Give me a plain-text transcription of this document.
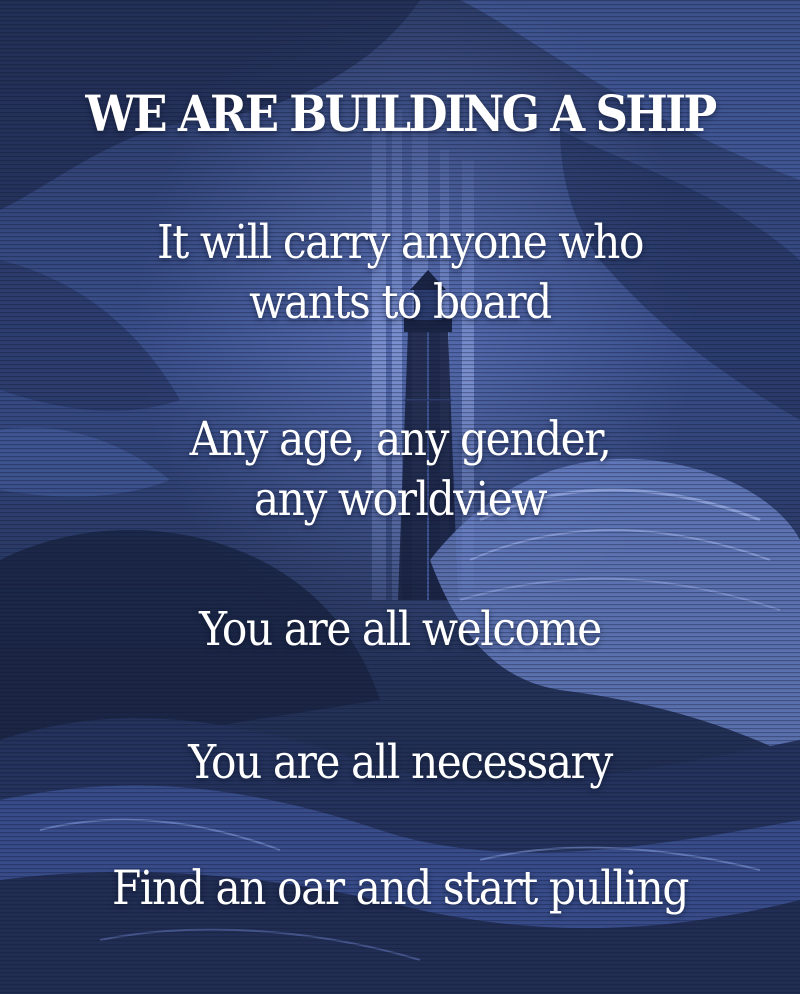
WE ARE BUILDING A SHIP
It will carry anyone who
wants to board
Any age, any gender,
any worldview
You are all welcome
You are all necessary
Find an oar and start pulling
